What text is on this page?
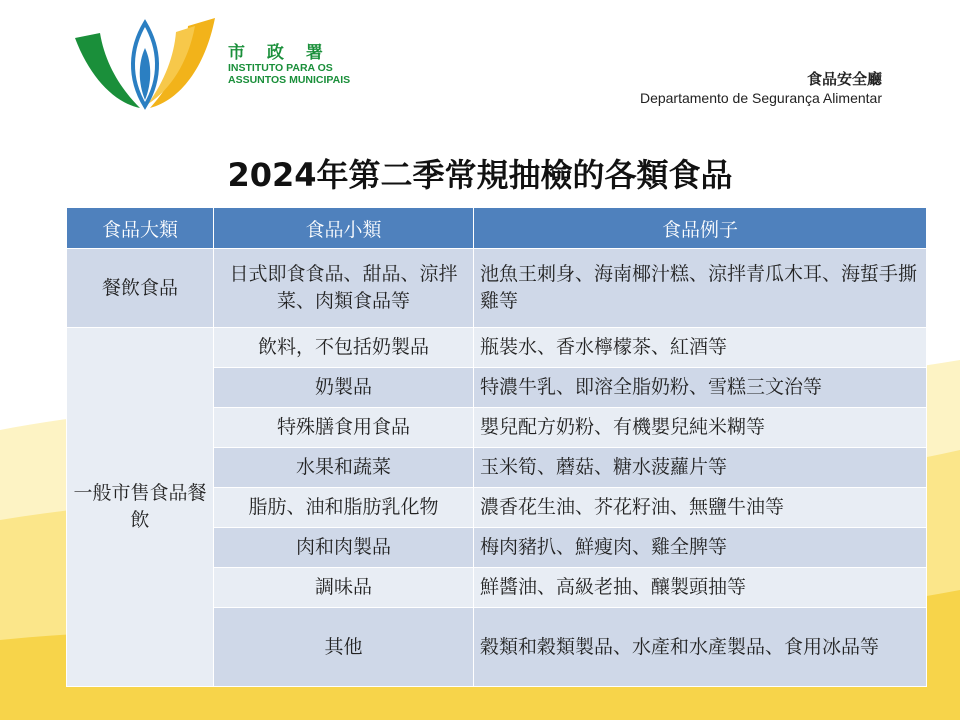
市 政 署
INSTITUTO PARA OS
ASSUNTOS MUNICIPAIS	食品安全廳
Departamento de Segurança Alimentar
2024年第二季常規抽檢的各類食品
食品大類	食品小類	食品例子
餐飲食品	日式即食食品、甜品、涼拌菜、肉類食品等	池魚王刺身、海南椰汁糕、涼拌青瓜木耳、海蜇手撕雞等
一般市售食品餐飲	飲料，不包括奶製品	瓶裝水、香水檸檬茶、紅酒等
	奶製品	特濃牛乳、即溶全脂奶粉、雪糕三文治等
	特殊膳食用食品	嬰兒配方奶粉、有機嬰兒純米糊等
	水果和蔬菜	玉米筍、蘑菇、糖水菠蘿片等
	脂肪、油和脂肪乳化物	濃香花生油、芥花籽油、無鹽牛油等
	肉和肉製品	梅肉豬扒、鮮瘦肉、雞全脾等
	調味品	鮮醬油、高級老抽、釀製頭抽等
	其他	穀類和穀類製品、水產和水產製品、食用冰品等
